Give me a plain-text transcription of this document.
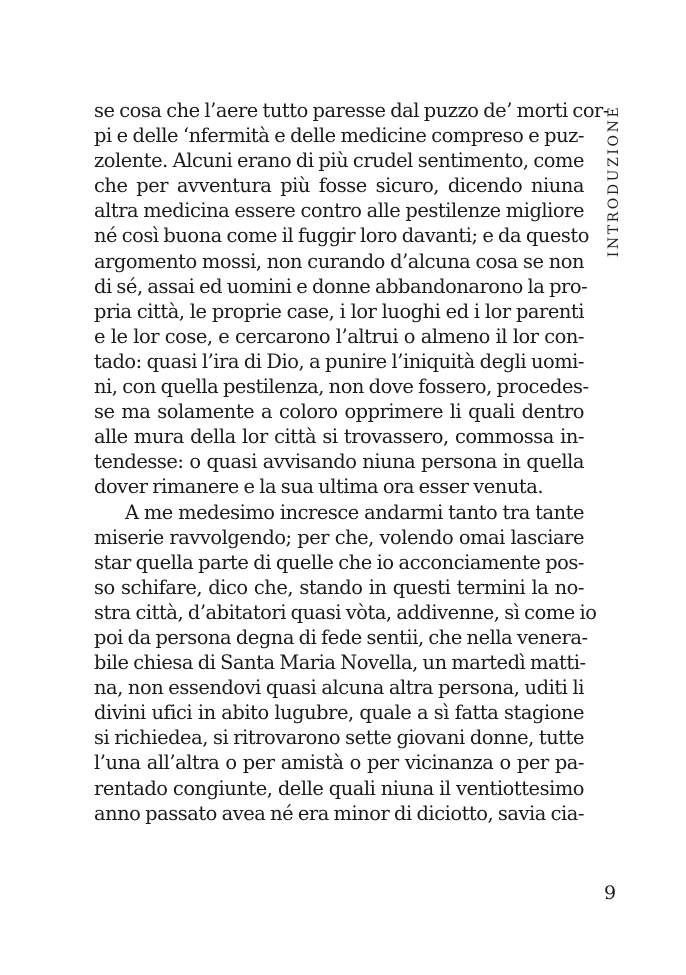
INTRODUZIONE
se cosa che l’aere tutto paresse dal puzzo de’ morti cor-
pi e delle ‘nfermità e delle medicine compreso e puz-
zolente. Alcuni erano di più crudel sentimento, come
che per avventura più fosse sicuro, dicendo niuna
altra medicina essere contro alle pestilenze migliore
né così buona come il fuggir loro davanti; e da questo
argomento mossi, non curando d’alcuna cosa se non
di sé, assai ed uomini e donne abbandonarono la pro-
pria città, le proprie case, i lor luoghi ed i lor parenti
e le lor cose, e cercarono l’altrui o almeno il lor con-
tado: quasi l’ira di Dio, a punire l’iniquità degli uomi-
ni, con quella pestilenza, non dove fossero, procedes-
se ma solamente a coloro opprimere li quali dentro
alle mura della lor città si trovassero, commossa in-
tendesse: o quasi avvisando niuna persona in quella
dover rimanere e la sua ultima ora esser venuta.
A me medesimo incresce andarmi tanto tra tante
miserie ravvolgendo; per che, volendo omai lasciare
star quella parte di quelle che io acconciamente pos-
so schifare, dico che, stando in questi termini la no-
stra città, d’abitatori quasi vòta, addivenne, sì come io
poi da persona degna di fede sentii, che nella venera-
bile chiesa di Santa Maria Novella, un martedì matti-
na, non essendovi quasi alcuna altra persona, uditi li
divini ufici in abito lugubre, quale a sì fatta stagione
si richiedea, si ritrovarono sette giovani donne, tutte
l’una all’altra o per amistà o per vicinanza o per pa-
rentado congiunte, delle quali niuna il ventiottesimo
anno passato avea né era minor di diciotto, savia cia-
9
